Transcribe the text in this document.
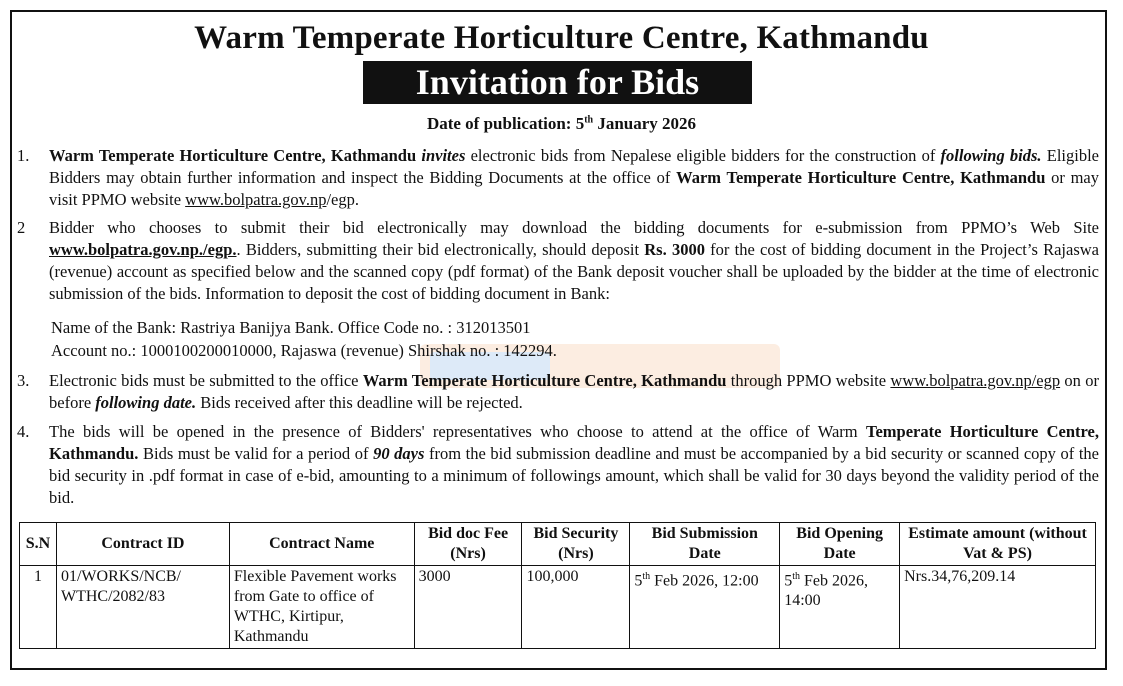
Warm Temperate Horticulture Centre, Kathmandu
Invitation for Bids
Date of publication: 5th January 2026
1. Warm Temperate Horticulture Centre, Kathmandu invites electronic bids from Nepalese eligible bidders for the construction of following bids. Eligible Bidders may obtain further information and inspect the Bidding Documents at the office of Warm Temperate Horticulture Centre, Kathmandu or may visit PPMO website www.bolpatra.gov.np/egp.
2 Bidder who chooses to submit their bid electronically may download the bidding documents for e-submission from PPMO’s Web Site www.bolpatra.gov.np./egp.. Bidders, submitting their bid electronically, should deposit Rs. 3000 for the cost of bidding document in the Project’s Rajaswa (revenue) account as specified below and the scanned copy (pdf format) of the Bank deposit voucher shall be uploaded by the bidder at the time of electronic submission of the bids. Information to deposit the cost of bidding document in Bank:
Name of the Bank: Rastriya Banijya Bank. Office Code no. : 312013501
Account no.: 1000100200010000, Rajaswa (revenue) Shirshak no. : 142294.
3. Electronic bids must be submitted to the office Warm Temperate Horticulture Centre, Kathmandu through PPMO website www.bolpatra.gov.np/egp on or before following date. Bids received after this deadline will be rejected.
4. The bids will be opened in the presence of Bidders' representatives who choose to attend at the office of Warm Temperate Horticulture Centre, Kathmandu. Bids must be valid for a period of 90 days from the bid submission deadline and must be accompanied by a bid security or scanned copy of the bid security in .pdf format in case of e-bid, amounting to a minimum of followings amount, which shall be valid for 30 days beyond the validity period of the bid.
S.N	Contract ID	Contract Name	Bid doc Fee (Nrs)	Bid Security (Nrs)	Bid Submission Date	Bid Opening Date	Estimate amount (without Vat & PS)
1	01/WORKS/NCB/ WTHC/2082/83	Flexible Pavement works from Gate to office of WTHC, Kirtipur, Kathmandu	3000	100,000	5th Feb 2026, 12:00	5th Feb 2026, 14:00	Nrs.34,76,209.14
